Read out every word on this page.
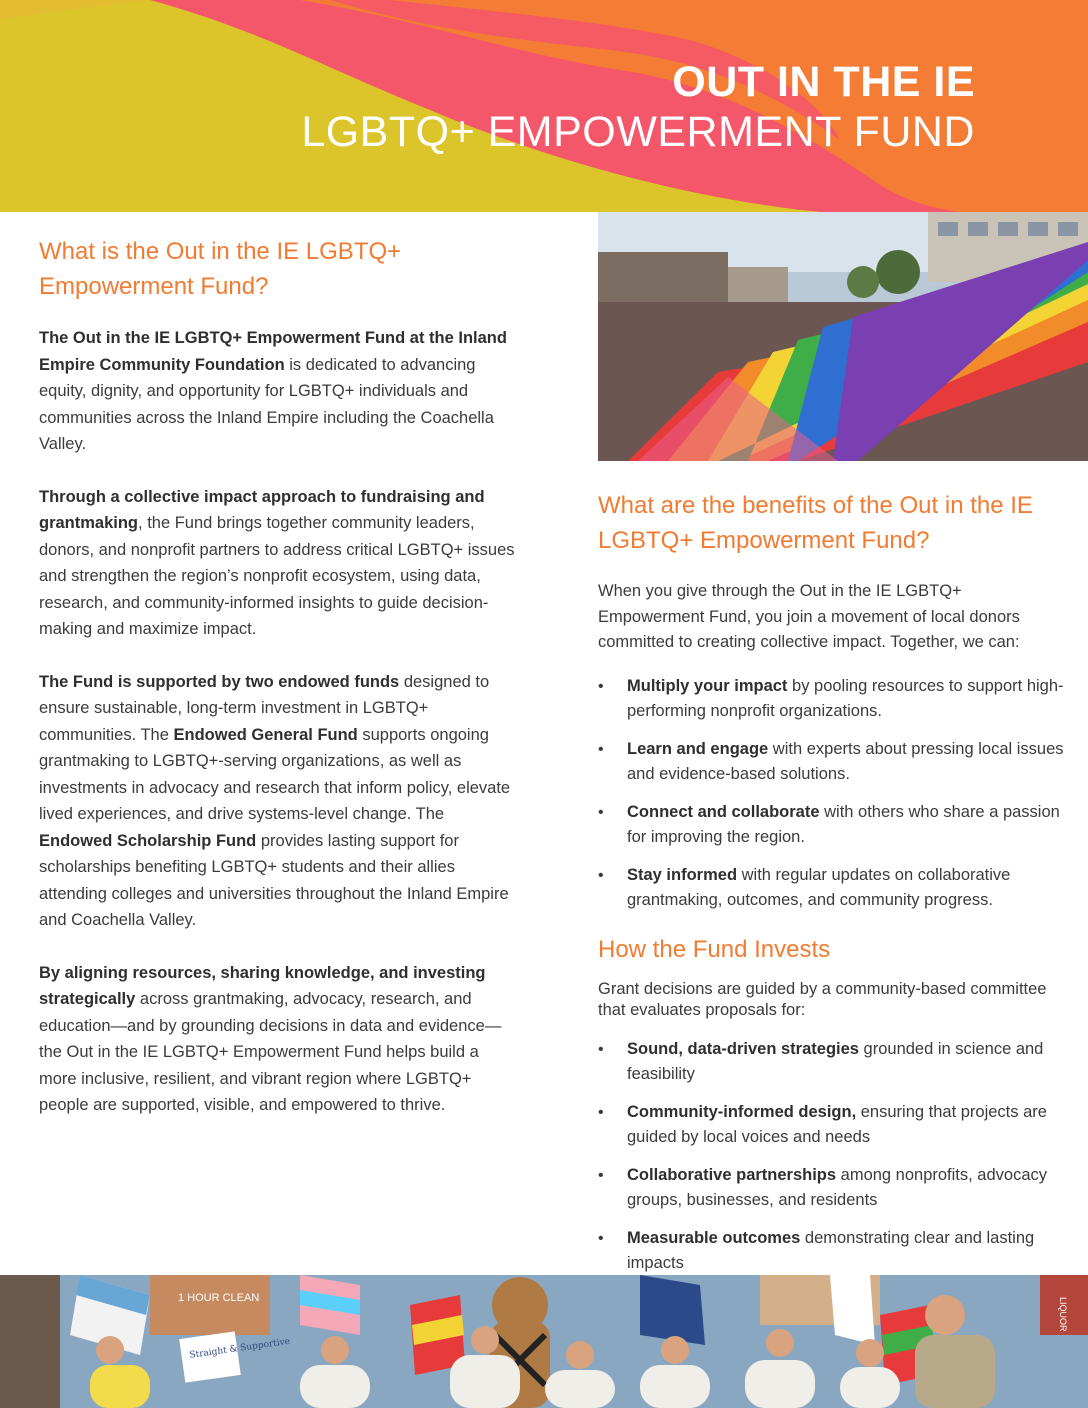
OUT IN THE IE
LGBTQ+ EMPOWERMENT FUND
What is the Out in the IE LGBTQ+ Empowerment Fund?

The Out in the IE LGBTQ+ Empowerment Fund at the Inland Empire Community Foundation is dedicated to advancing equity, dignity, and opportunity for LGBTQ+ individuals and communities across the Inland Empire including the Coachella Valley.

Through a collective impact approach to fundraising and grantmaking, the Fund brings together community leaders, donors, and nonprofit partners to address critical LGBTQ+ issues and strengthen the region’s nonprofit ecosystem, using data, research, and community-informed insights to guide decision-making and maximize impact.

The Fund is supported by two endowed funds designed to ensure sustainable, long-term investment in LGBTQ+ communities. The Endowed General Fund supports ongoing grantmaking to LGBTQ+-serving organizations, as well as investments in advocacy and research that inform policy, elevate lived experiences, and drive systems-level change. The Endowed Scholarship Fund provides lasting support for scholarships benefiting LGBTQ+ students and their allies attending colleges and universities throughout the Inland Empire and Coachella Valley.

By aligning resources, sharing knowledge, and investing strategically across grantmaking, advocacy, research, and education—and by grounding decisions in data and evidence—the Out in the IE LGBTQ+ Empowerment Fund helps build a more inclusive, resilient, and vibrant region where LGBTQ+ people are supported, visible, and empowered to thrive.

What are the benefits of the Out in the IE LGBTQ+ Empowerment Fund?

When you give through the Out in the IE LGBTQ+ Empowerment Fund, you join a movement of local donors committed to creating collective impact. Together, we can:

• Multiply your impact by pooling resources to support high-performing nonprofit organizations.
• Learn and engage with experts about pressing local issues and evidence-based solutions.
• Connect and collaborate with others who share a passion for improving the region.
• Stay informed with regular updates on collaborative grantmaking, outcomes, and community progress.
How the Fund Invests

Grant decisions are guided by a community-based committee that evaluates proposals for:

• Sound, data-driven strategies grounded in science and feasibility
• Community-informed design, ensuring that projects are guided by local voices and needs
• Collaborative partnerships among nonprofits, advocacy groups, businesses, and residents
• Measurable outcomes demonstrating clear and lasting impacts
1 HOUR CLEAN	LIQUOR
Straight & Supportive
